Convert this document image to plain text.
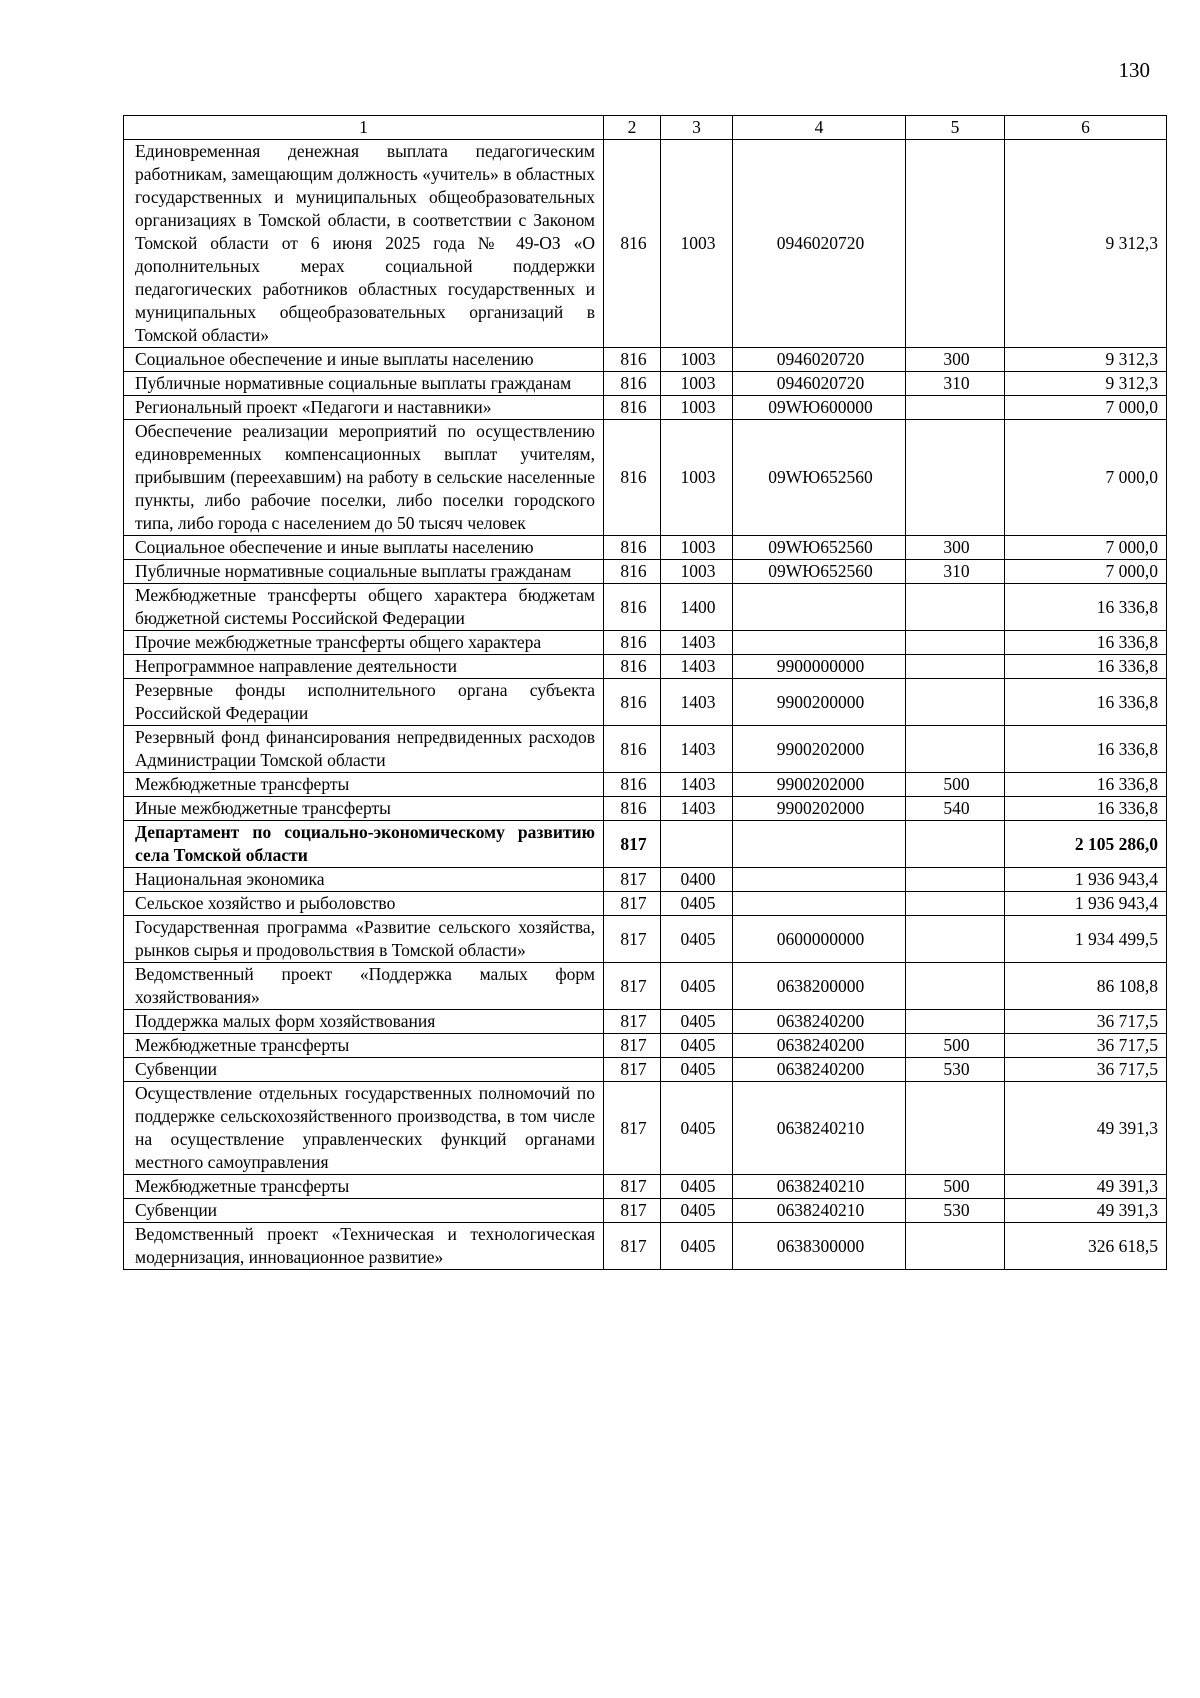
130
1	2	3	4	5	6
Единовременная денежная выплата педагогическим работникам, замещающим должность «учитель» в областных государственных и муниципальных общеобразовательных организациях в Томской области, в соответствии с Законом Томской области от 6 июня 2025 года № 49-ОЗ «О дополнительных мерах социальной поддержки педагогических работников областных государственных и муниципальных общеобразовательных организаций в Томской области»	816	1003	0946020720		9 312,3
Социальное обеспечение и иные выплаты населению	816	1003	0946020720	300	9 312,3
Публичные нормативные социальные выплаты гражданам	816	1003	0946020720	310	9 312,3
Региональный проект «Педагоги и наставники»	816	1003	09WЮ600000		7 000,0
Обеспечение реализации мероприятий по осуществлению единовременных компенсационных выплат учителям, прибывшим (переехавшим) на работу в сельские населенные пункты, либо рабочие поселки, либо поселки городского типа, либо города с населением до 50 тысяч человек	816	1003	09WЮ652560		7 000,0
Социальное обеспечение и иные выплаты населению	816	1003	09WЮ652560	300	7 000,0
Публичные нормативные социальные выплаты гражданам	816	1003	09WЮ652560	310	7 000,0
Межбюджетные трансферты общего характера бюджетам бюджетной системы Российской Федерации	816	1400			16 336,8
Прочие межбюджетные трансферты общего характера	816	1403			16 336,8
Непрограммное направление деятельности	816	1403	9900000000		16 336,8
Резервные фонды исполнительного органа субъекта Российской Федерации	816	1403	9900200000		16 336,8
Резервный фонд финансирования непредвиденных расходов Администрации Томской области	816	1403	9900202000		16 336,8
Межбюджетные трансферты	816	1403	9900202000	500	16 336,8
Иные межбюджетные трансферты	816	1403	9900202000	540	16 336,8
Департамент по социально-экономическому развитию села Томской области	817				2 105 286,0
Национальная экономика	817	0400			1 936 943,4
Сельское хозяйство и рыболовство	817	0405			1 936 943,4
Государственная программа «Развитие сельского хозяйства, рынков сырья и продовольствия в Томской области»	817	0405	0600000000		1 934 499,5
Ведомственный проект «Поддержка малых форм хозяйствования»	817	0405	0638200000		86 108,8
Поддержка малых форм хозяйствования	817	0405	0638240200		36 717,5
Межбюджетные трансферты	817	0405	0638240200	500	36 717,5
Субвенции	817	0405	0638240200	530	36 717,5
Осуществление отдельных государственных полномочий по поддержке сельскохозяйственного производства, в том числе на осуществление управленческих функций органами местного самоуправления	817	0405	0638240210		49 391,3
Межбюджетные трансферты	817	0405	0638240210	500	49 391,3
Субвенции	817	0405	0638240210	530	49 391,3
Ведомственный проект «Техническая и технологическая модернизация, инновационное развитие»	817	0405	0638300000		326 618,5
